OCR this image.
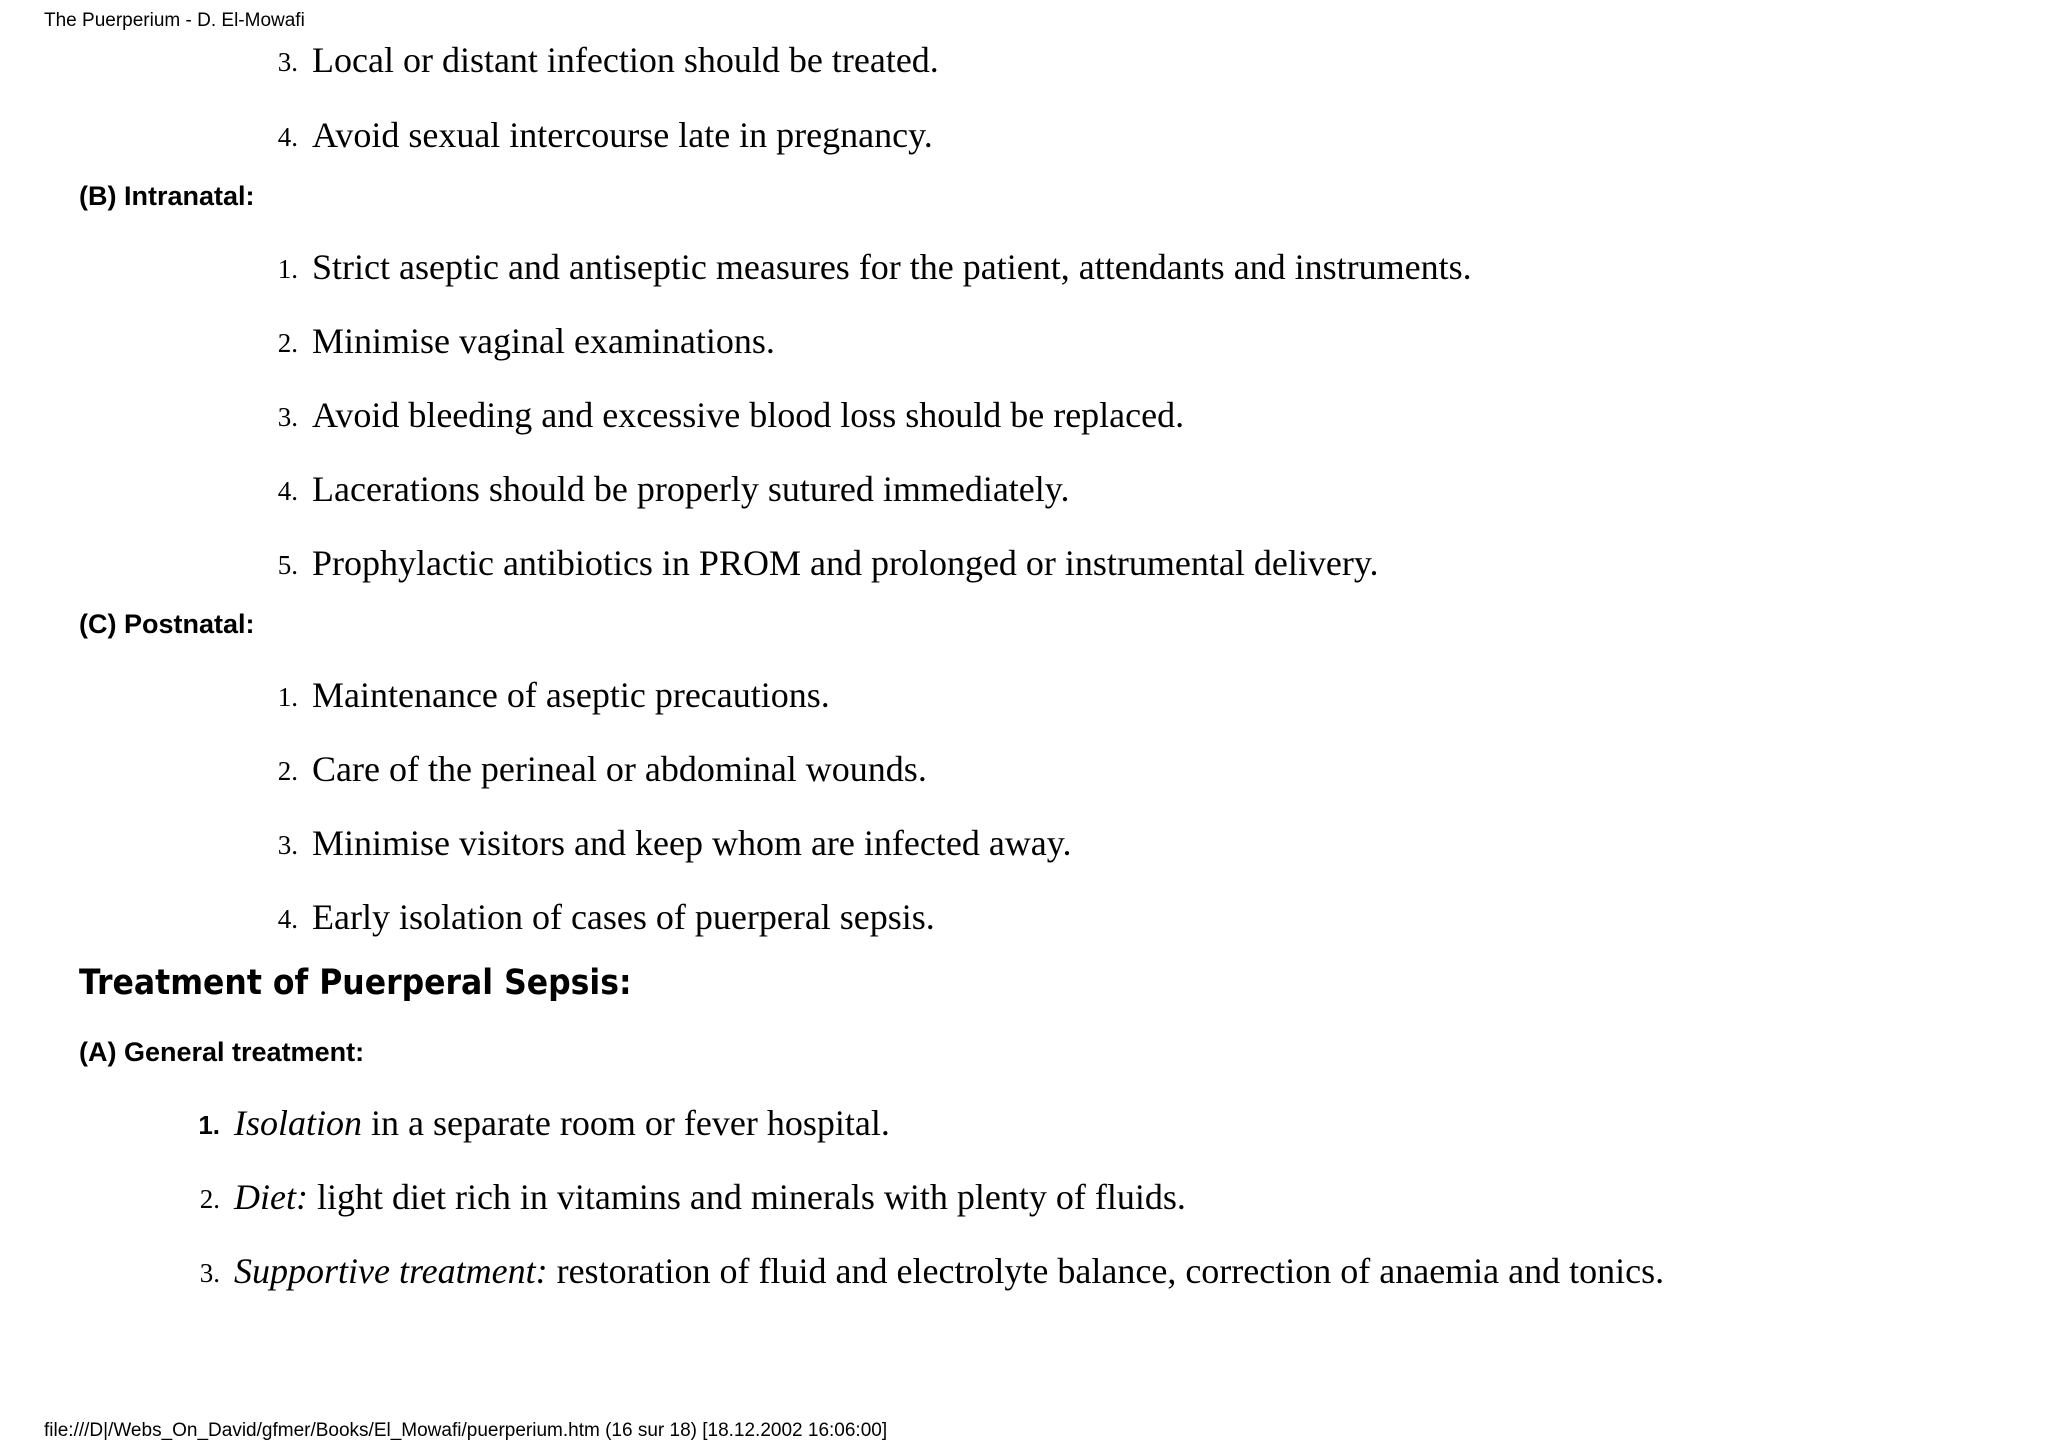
The Puerperium - D. El-Mowafi
3. Local or distant infection should be treated.
4. Avoid sexual intercourse late in pregnancy.
(B) Intranatal:
1. Strict aseptic and antiseptic measures for the patient, attendants and instruments.
2. Minimise vaginal examinations.
3. Avoid bleeding and excessive blood loss should be replaced.
4. Lacerations should be properly sutured immediately.
5. Prophylactic antibiotics in PROM and prolonged or instrumental delivery.
(C) Postnatal:
1. Maintenance of aseptic precautions.
2. Care of the perineal or abdominal wounds.
3. Minimise visitors and keep whom are infected away.
4. Early isolation of cases of puerperal sepsis.
Treatment of Puerperal Sepsis:
(A) General treatment:
1. Isolation in a separate room or fever hospital.
2. Diet: light diet rich in vitamins and minerals with plenty of fluids.
3. Supportive treatment: restoration of fluid and electrolyte balance, correction of anaemia and tonics.
file:///D|/Webs_On_David/gfmer/Books/El_Mowafi/puerperium.htm (16 sur 18) [18.12.2002 16:06:00]
